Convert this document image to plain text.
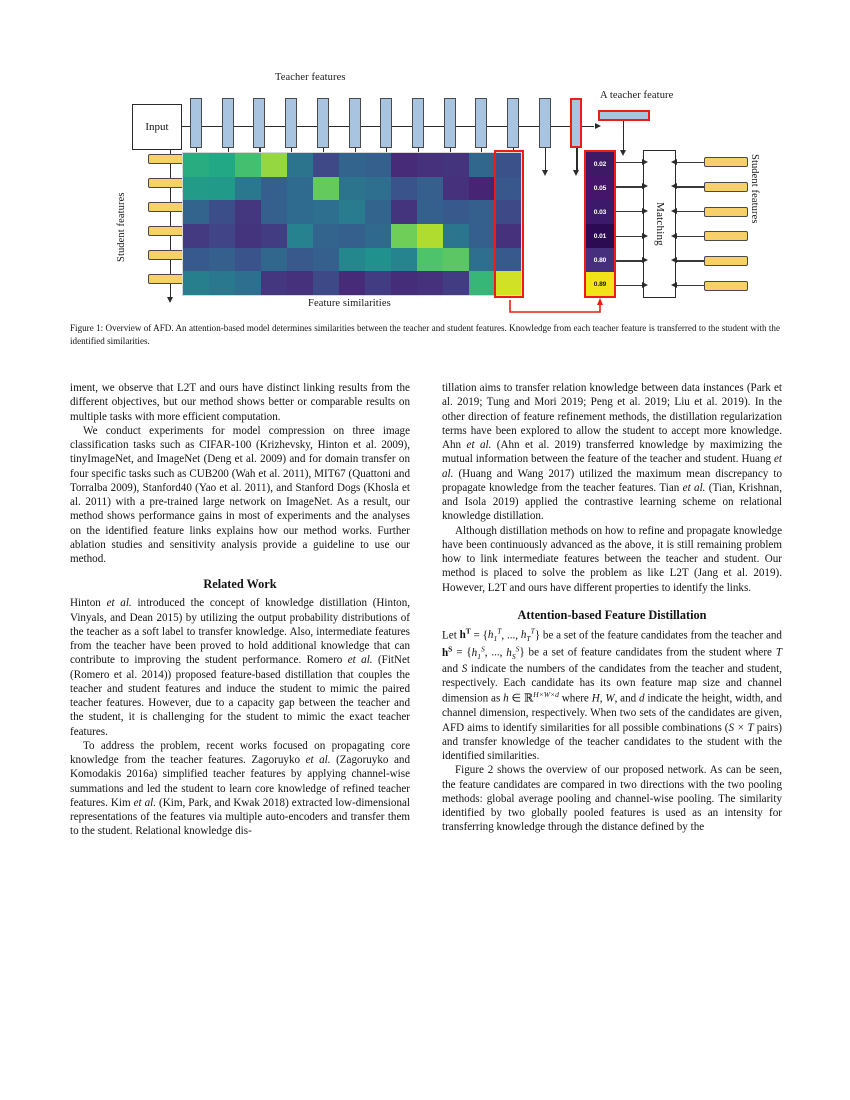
Teacher features
A teacher feature
Student features
Student features
Feature similarities
Input
0.02
0.05
0.03
0.01
0.80
0.89
Matching
Figure 1: Overview of AFD. An attention-based model determines similarities between the teacher and student features. Knowledge from each teacher feature is transferred to the student with the identified similarities.

iment, we observe that L2T and ours have distinct linking results from the different objectives, but our method shows better or comparable results on multiple tasks with more efficient computation.

We conduct experiments for model compression on three image classification tasks such as CIFAR-100 (Krizhevsky, Hinton et al. 2009), tinyImageNet, and ImageNet (Deng et al. 2009) and for domain transfer on four specific tasks such as CUB200 (Wah et al. 2011), MIT67 (Quattoni and Torralba 2009), Stanford40 (Yao et al. 2011), and Stanford Dogs (Khosla et al. 2011) with a pre-trained large network on ImageNet. As a result, our method shows performance gains in most of experiments and the analyses on the identified feature links explains how our method works. Further ablation studies and sensitivity analysis provide a guideline to use our method.

Related Work

Hinton et al. introduced the concept of knowledge distillation (Hinton, Vinyals, and Dean 2015) by utilizing the output probability distributions of the teacher as a soft label to transfer knowledge. Also, intermediate features from the teacher have been proved to hold additional knowledge that can contribute to improving the student performance. Romero et al. (FitNet (Romero et al. 2014)) proposed feature-based distillation that couples the teacher and student features and induce the student to mimic the paired teacher features. However, due to a capacity gap between the teacher and the student, it is challenging for the student to mimic the exact teacher features.

To address the problem, recent works focused on propagating core knowledge from the teacher features. Zagoruyko et al. (Zagoruyko and Komodakis 2016a) simplified teacher features by applying channel-wise summations and led the student to learn core knowledge of refined teacher features. Kim et al. (Kim, Park, and Kwak 2018) extracted low-dimensional representations of the features via multiple auto-encoders and transfer them to the student. Relational knowledge dis-

tillation aims to transfer relation knowledge between data instances (Park et al. 2019; Tung and Mori 2019; Peng et al. 2019; Liu et al. 2019). In the other direction of feature refinement methods, the distillation regularization terms have been explored to allow the student to accept more knowledge. Ahn et al. (Ahn et al. 2019) transferred knowledge by maximizing the mutual information between the feature of the teacher and student. Huang et al. (Huang and Wang 2017) utilized the maximum mean discrepancy to propagate knowledge from the teacher features. Tian et al. (Tian, Krishnan, and Isola 2019) applied the contrastive learning scheme on relational knowledge distillation.

Although distillation methods on how to refine and propagate knowledge have been continuously advanced as the above, it is still remaining problem how to link intermediate features between the teacher and student. Our method is placed to solve the problem as like L2T (Jang et al. 2019). However, L2T and ours have different properties to identify the links.

Attention-based Feature Distillation

Let $h^T = \{h_1^T$, ..., $h_T^T$} be a set of the feature candidates from the teacher and $h^S = \{h_1^S$, ..., $h_S^S$} be a set of feature candidates from the student where T and S indicate the numbers of the candidates from the teacher and student, respectively. Each candidate has its own feature map size and channel dimension as h ∈ ℝ$^{H\times W\times d}$ where H, W, and d indicate the height, width, and channel dimension, respectively. When two sets of the candidates are given, AFD aims to identify similarities for all possible combinations (S × T pairs) and transfer knowledge of the teacher candidates to the student with the identified similarities.

Figure 2 shows the overview of our proposed network. As can be seen, the feature candidates are compared in two directions with the two pooling methods: global average pooling and channel-wise pooling. The similarity identified by two globally pooled features is used as an intensity for transferring knowledge through the distance defined by the
